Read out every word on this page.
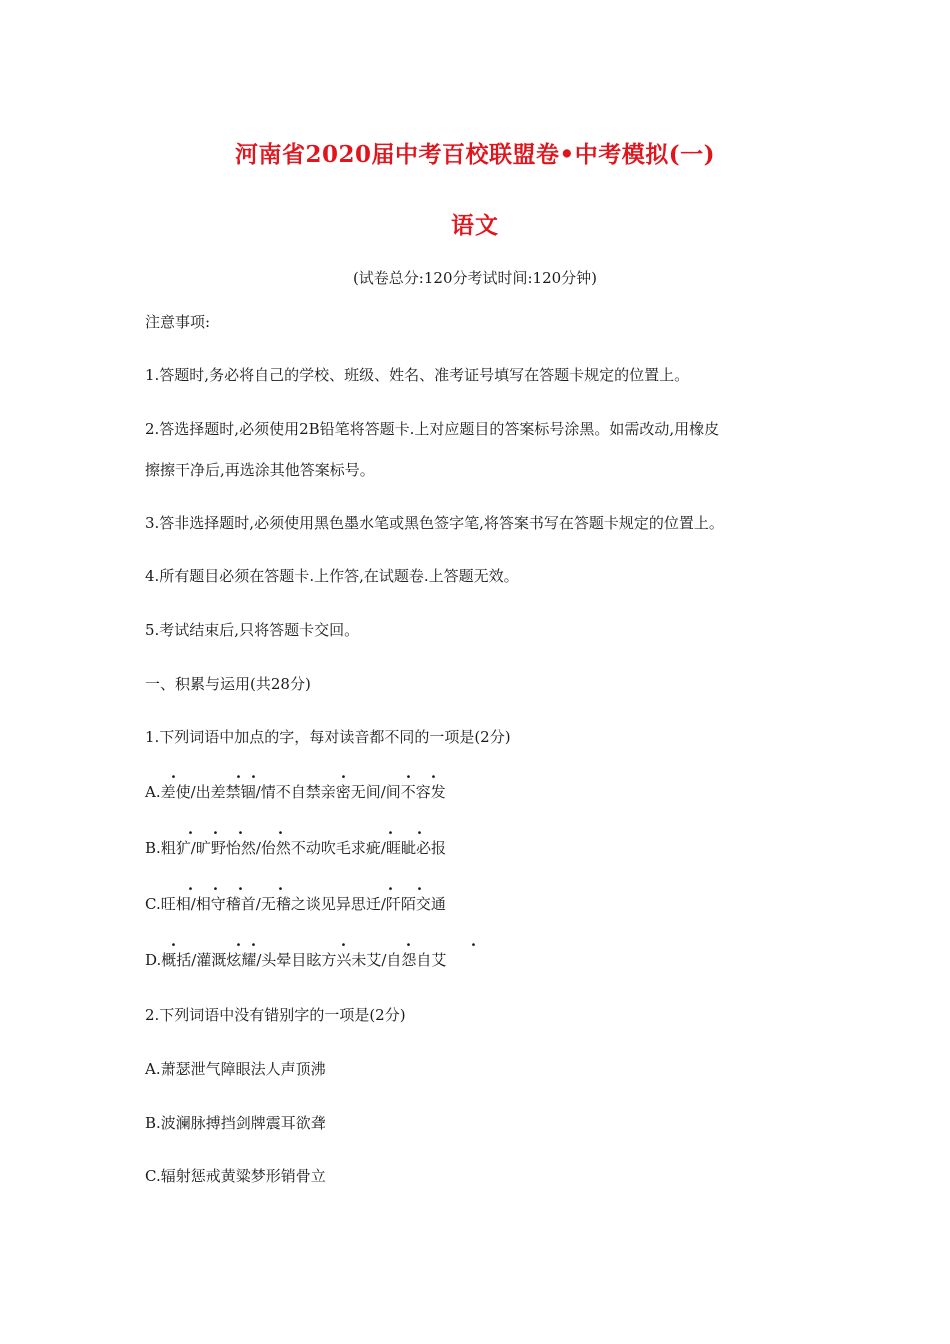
河南省2020届中考百校联盟卷•中考模拟(一)
语文
(试卷总分:120分考试时间:120分钟)
注意事项:
1.答题时,务必将自己的学校、班级、姓名、准考证号填写在答题卡规定的位置上。
2.答选择题时,必须使用2B铅笔将答题卡.上对应题目的答案标号涂黑。如需改动,用橡皮
擦擦干净后,再选涂其他答案标号。
3.答非选择题时,必须使用黑色墨水笔或黑色签字笔,将答案书写在答题卡规定的位置上。
4.所有题目必须在答题卡.上作答,在试题卷.上答题无效。
5.考试结束后,只将答题卡交回。
一、积累与运用(共28分)
1.下列词语中加点的字，每对读音都不同的一项是(2分)
·	· ·	·	· ·
A.差使/出差禁锢/情不自禁亲密无间/间不容发
· · · ·	· ·
B.粗犷/旷野怡然/佁然不动吹毛求疵/睚眦必报
· · · ·	· ·
C.旺相/相守稽首/无稽之谈见异思迁/阡陌交通
·	· ·	·	·	·
D.概括/灌溉炫耀/头晕目眩方兴未艾/自怨自艾
2.下列词语中没有错别字的一项是(2分)
A.萧瑟泄气障眼法人声顶沸
B.波澜脉搏挡剑牌震耳欲聋
C.辐射惩戒黄粱梦形销骨立
